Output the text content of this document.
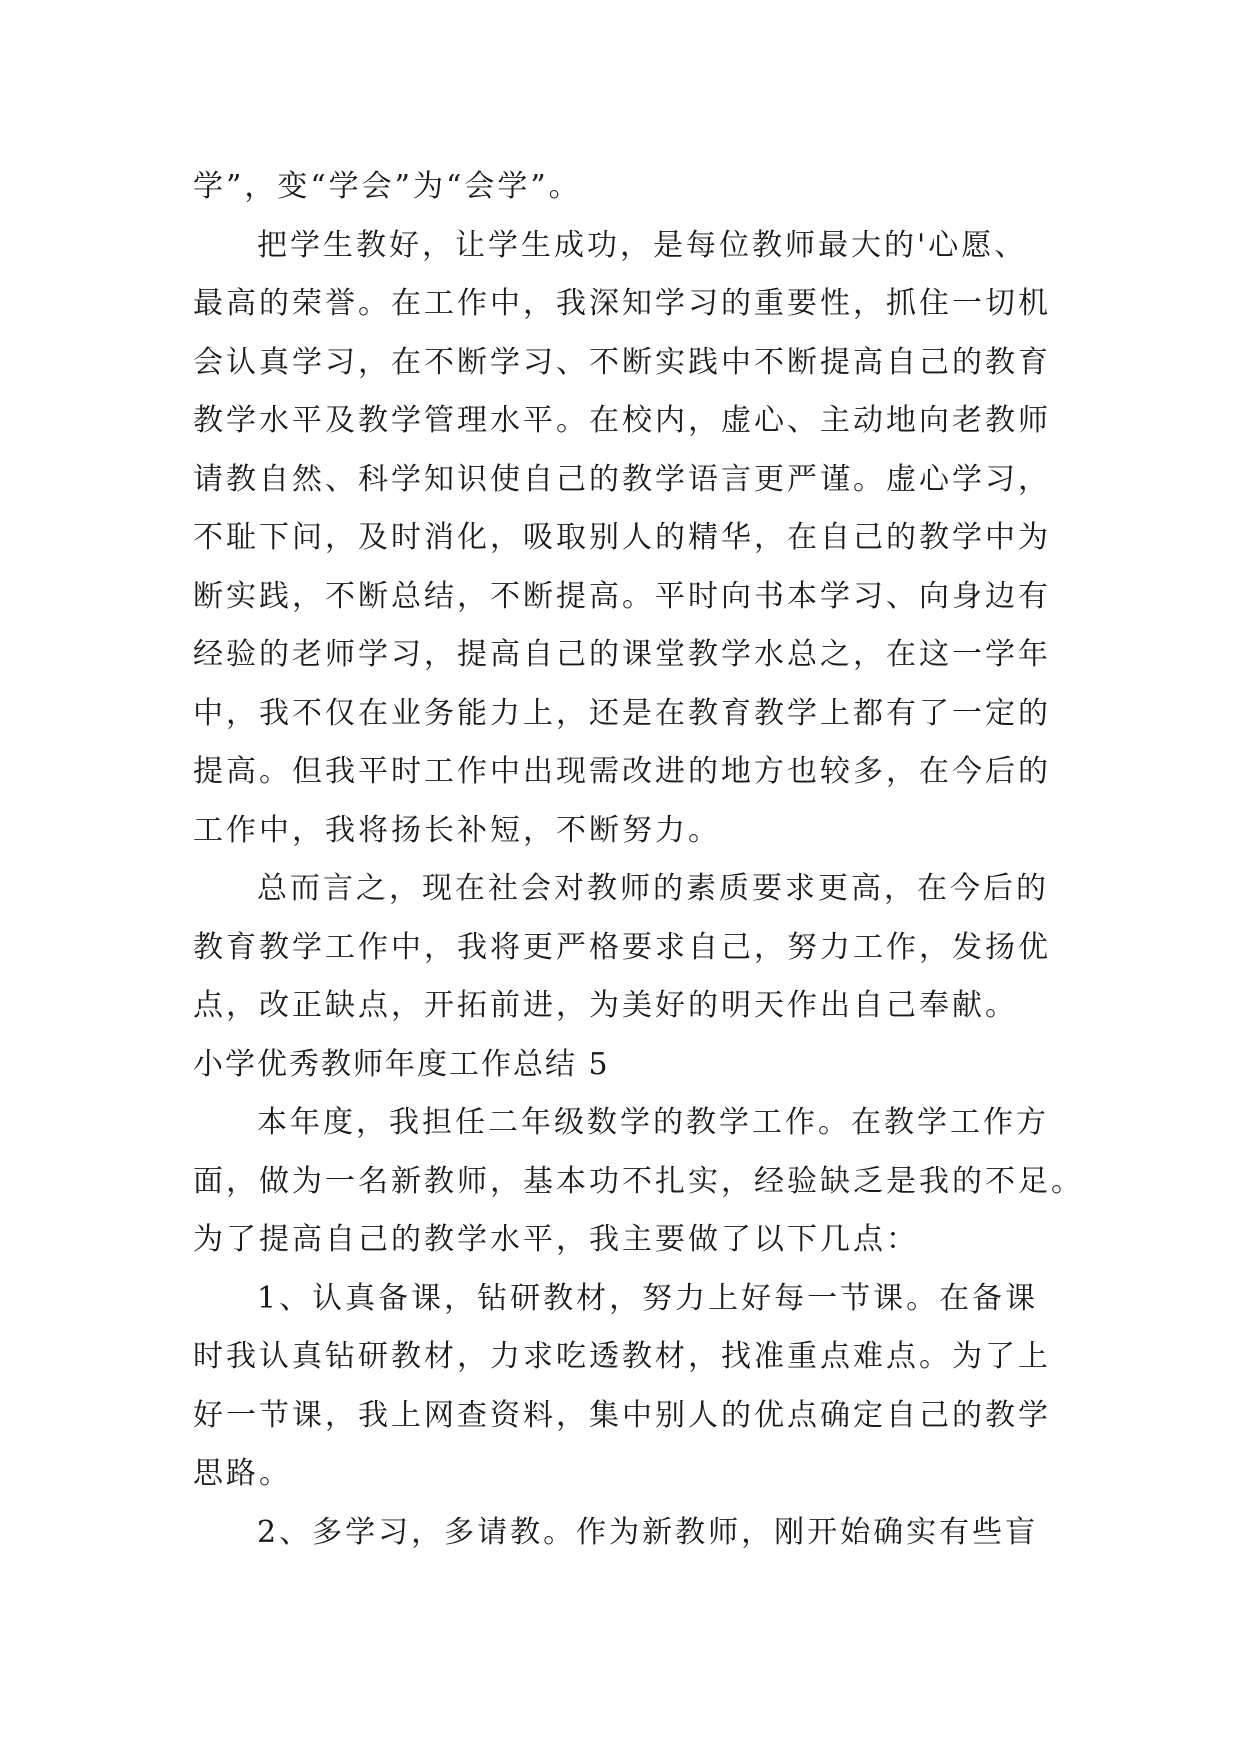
学”，变“学会”为“会学”。
把学生教好，让学生成功，是每位教师最大的'心愿、
最高的荣誉。在工作中，我深知学习的重要性，抓住一切机
会认真学习，在不断学习、不断实践中不断提高自己的教育
教学水平及教学管理水平。在校内，虚心、主动地向老教师
请教自然、科学知识使自己的教学语言更严谨。虚心学习，
不耻下问，及时消化，吸取别人的精华，在自己的教学中为
断实践，不断总结，不断提高。平时向书本学习、向身边有
经验的老师学习，提高自己的课堂教学水总之，在这一学年
中，我不仅在业务能力上，还是在教育教学上都有了一定的
提高。但我平时工作中出现需改进的地方也较多，在今后的
工作中，我将扬长补短，不断努力。
总而言之，现在社会对教师的素质要求更高，在今后的
教育教学工作中，我将更严格要求自己，努力工作，发扬优
点，改正缺点，开拓前进，为美好的明天作出自己奉献。
小学优秀教师年度工作总结 5
本年度，我担任二年级数学的教学工作。在教学工作方
面，做为一名新教师，基本功不扎实，经验缺乏是我的不足。
为了提高自己的教学水平，我主要做了以下几点：
1、认真备课，钻研教材，努力上好每一节课。在备课
时我认真钻研教材，力求吃透教材，找准重点难点。为了上
好一节课，我上网查资料，集中别人的优点确定自己的教学
思路。
2、多学习，多请教。作为新教师，刚开始确实有些盲
